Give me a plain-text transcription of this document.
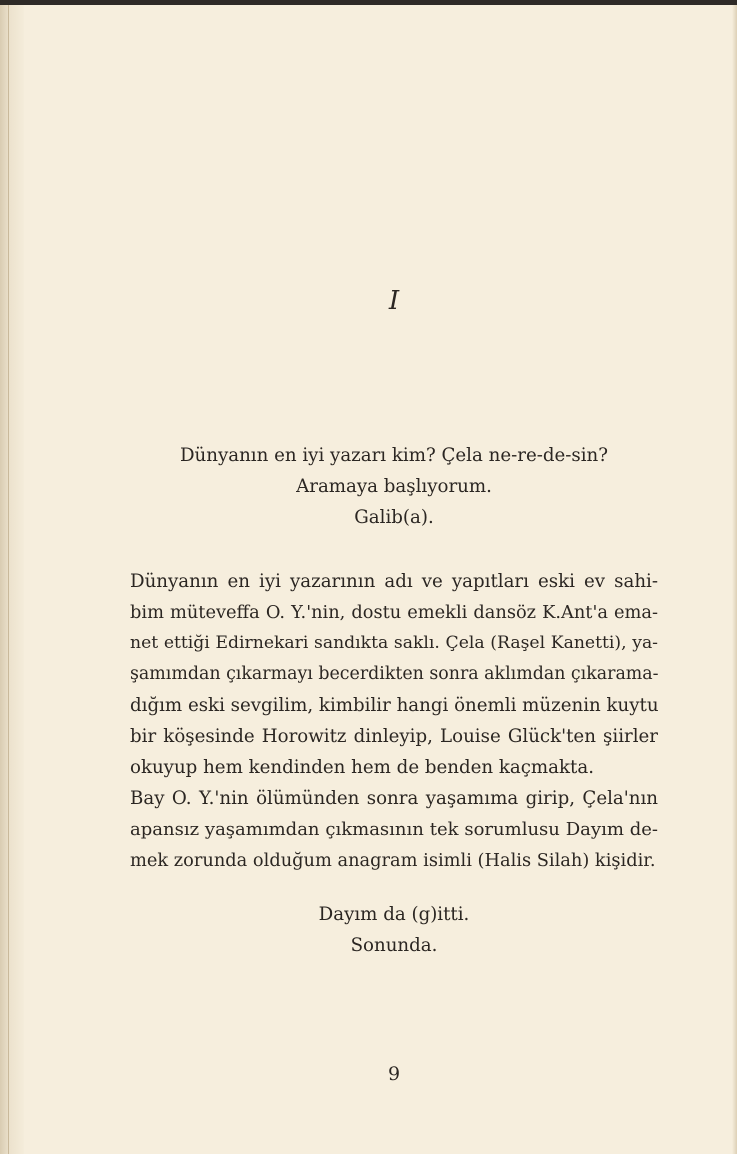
I
Dünyanın en iyi yazarı kim? Çela ne-re-de-sin?
Aramaya başlıyorum.
Galib(a).
Dünyanın en iyi yazarının adı ve yapıtları eski ev sahi-
bim müteveffa O. Y.'nin, dostu emekli dansöz K.Ant'a ema-
net ettiği Edirnekari sandıkta saklı. Çela (Raşel Kanetti), ya-
şamımdan çıkarmayı becerdikten sonra aklımdan çıkarama-
dığım eski sevgilim, kimbilir hangi önemli müzenin kuytu
bir köşesinde Horowitz dinleyip, Louise Glück'ten şiirler
okuyup hem kendinden hem de benden kaçmakta.
Bay O. Y.'nin ölümünden sonra yaşamıma girip, Çela'nın
apansız yaşamımdan çıkmasının tek sorumlusu Dayım de-
mek zorunda olduğum anagram isimli (Halis Silah) kişidir.
Dayım da (g)itti.
Sonunda.
9
